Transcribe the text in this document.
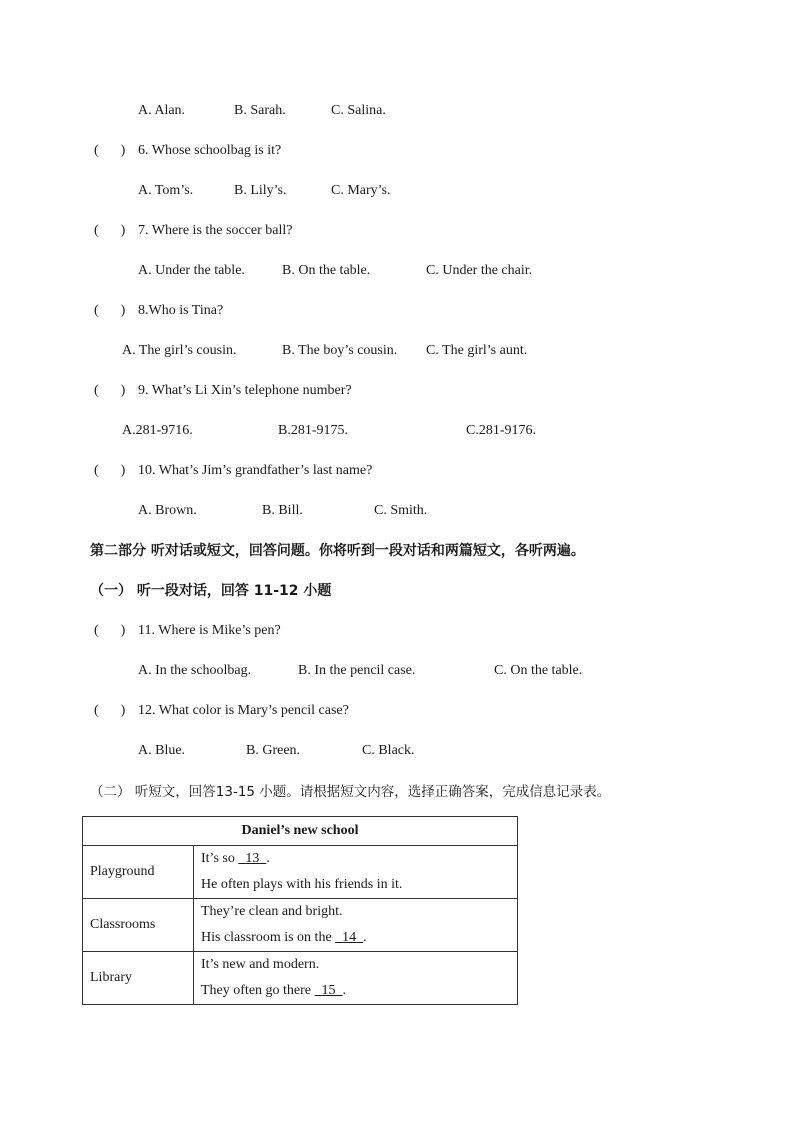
A. Alan.	B. Sarah.	C. Salina.
( ) 6. Whose schoolbag is it?
A. Tom’s.	B. Lily’s.	C. Mary’s.
( ) 7. Where is the soccer ball?
A. Under the table.	B. On the table.	C. Under the chair.
( ) 8.Who is Tina?
A. The girl’s cousin.	B. The boy’s cousin. C. The girl’s aunt.
( ) 9. What’s Li Xin’s telephone number?
A.281-9716.	B.281-9175.	C.281-9176.
( ) 10. What’s Jim’s grandfather’s last name?
A. Brown.	B. Bill.	C. Smith.
第二部分 听对话或短文，回答问题。你将听到一段对话和两篇短文，各听两遍。
（一） 听一段对话，回答 11-12 小题
( ) 11. Where is Mike’s pen?
A. In the schoolbag.	B. In the pencil case.	C. On the table.
( ) 12. What color is Mary’s pencil case?
A. Blue.	B. Green.	C. Black.
（二） 听短文，回答13-15 小题。请根据短文内容，选择正确答案，完成信息记录表。
Daniel’s new school	
Playground	It’s so 13 .
He often plays with his friends in it.

Classrooms	They’re clean and bright.
His classroom is on the 14 .

Library	It’s new and modern.
They often go there 15 .
